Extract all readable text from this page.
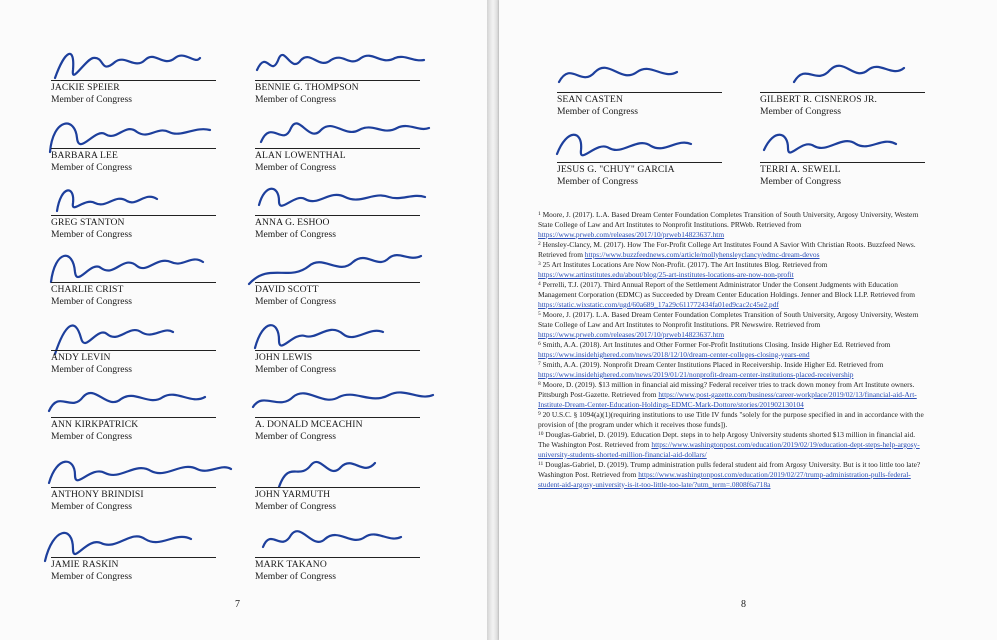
JACKIE SPEIER
Member of Congress
BENNIE G. THOMPSON
Member of Congress
BARBARA LEE
Member of Congress
ALAN LOWENTHAL
Member of Congress
GREG STANTON
Member of Congress
ANNA G. ESHOO
Member of Congress
CHARLIE CRIST
Member of Congress
DAVID SCOTT
Member of Congress
ANDY LEVIN
Member of Congress
JOHN LEWIS
Member of Congress
ANN KIRKPATRICK
Member of Congress
A. DONALD MCEACHIN
Member of Congress
ANTHONY BRINDISI
Member of Congress
JOHN YARMUTH
Member of Congress
JAMIE RASKIN
Member of Congress
MARK TAKANO
Member of Congress
SEAN CASTEN
Member of Congress
GILBERT R. CISNEROS JR.
Member of Congress
JESUS G. "CHUY" GARCIA
Member of Congress
TERRI A. SEWELL
Member of Congress
7	8
$^1$ Moore, J. (2017). L.A. Based Dream Center Foundation Completes Transition of South University, Argosy University, Western State College of Law and Art Institutes to Nonprofit Institutions. PRWeb. Retrieved from https://www.prweb.com/releases/2017/10/prweb14823637.htm
$^2$ Hensley-Clancy, M. (2017). How The For-Profit College Art Institutes Found A Savior With Christian Roots. Buzzfeed News. Retrieved from https://www.buzzfeednews.com/article/mollyhensleyclancy/edmc-dream-devos
$^3$ 25 Art Institutes Locations Are Now Non-Profit. (2017). The Art Institutes Blog. Retrieved from https://www.artinstitutes.edu/about/blog/25-art-institutes-locations-are-now-non-profit
$^4$ Perrelli, T.J. (2017). Third Annual Report of the Settlement Administrator Under the Consent Judgments with Education Management Corporation (EDMC) as Succeeded by Dream Center Education Holdings. Jenner and Block LLP. Retrieved from https://static.wixstatic.com/ugd/60a689_17a29c611772434fa01ed9cac2c45e2.pdf
$^5$ Moore, J. (2017). L.A. Based Dream Center Foundation Completes Transition of South University, Argosy University, Western State College of Law and Art Institutes to Nonprofit Institutions. PR Newswire. Retrieved from https://www.prweb.com/releases/2017/10/prweb14823637.htm
$^6$ Smith, A.A. (2018). Art Institutes and Other Former For-Profit Institutions Closing. Inside Higher Ed. Retrieved from https://www.insidehighered.com/news/2018/12/10/dream-center-colleges-closing-years-end
$^7$ Smith, A.A. (2019). Nonprofit Dream Center Institutions Placed in Receivership. Inside Higher Ed. Retrieved from https://www.insidehighered.com/news/2019/01/21/nonprofit-dream-center-institutions-placed-receivership
$^8$ Moore, D. (2019). $13 million in financial aid missing? Federal receiver tries to track down money from Art Institute owners. Pittsburgh Post-Gazette. Retrieved from https://www.post-gazette.com/business/career-workplace/2019/02/13/financial-aid-Art-Institute-Dream-Center-Education-Holdings-EDMC-Mark-Dottore/stories/201902130104
$^9$ 20 U.S.C. § 1094(a)(1)(requiring institutions to use Title IV funds "solely for the purpose specified in and in accordance with the provision of [the program under which it receives those funds]).
$^{10}$ Douglas-Gabriel, D. (2019). Education Dept. steps in to help Argosy University students shorted $13 million in financial aid. The Washington Post. Retrieved from https://www.washingtonpost.com/education/2019/02/19/education-dept-steps-help-argosy-university-students-shorted-million-financial-aid-dollars/
$^{11}$ Douglas-Gabriel, D. (2019). Trump administration pulls federal student aid from Argosy University. But is it too little too late? Washington Post. Retrieved from https://www.washingtonpost.com/education/2019/02/27/trump-administration-pulls-federal-student-aid-argosy-university-is-it-too-little-too-late/?utm_term=.0808f6a718a
